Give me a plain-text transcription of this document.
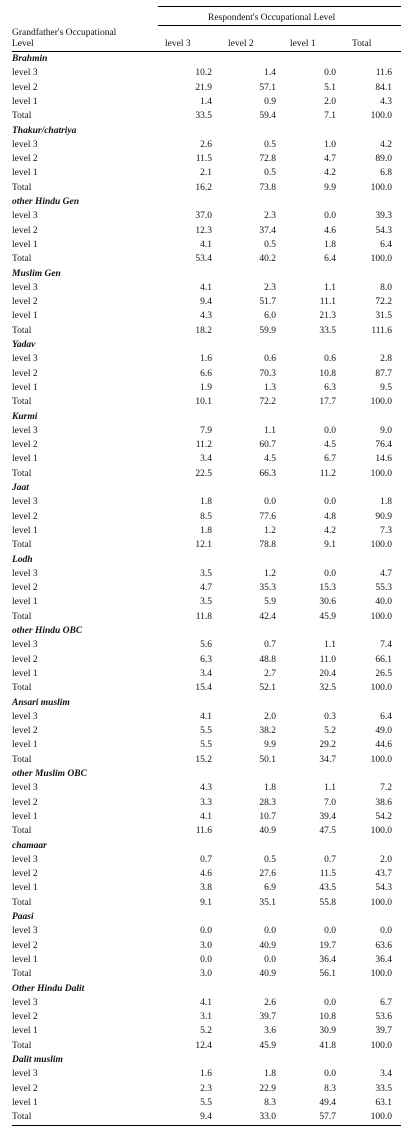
Respondent's Occupational Level
Grandfather's Occupational
Level	level 3	level 2	level 1	Total
Brahmin
level 3	10.2	1.4	0.0	11.6
level 2	21.9	57.1	5.1	84.1
level 1	1.4	0.9	2.0	4.3
Total	33.5	59.4	7.1	100.0
Thakur/chatriya
level 3	2.6	0.5	1.0	4.2
level 2	11.5	72.8	4.7	89.0
level 1	2.1	0.5	4.2	6.8
Total	16.2	73.8	9.9	100.0
other Hindu Gen
level 3	37.0	2.3	0.0	39.3
level 2	12.3	37.4	4.6	54.3
level 1	4.1	0.5	1.8	6.4
Total	53.4	40.2	6.4	100.0
Muslim Gen
level 3	4.1	2.3	1.1	8.0
level 2	9.4	51.7	11.1	72.2
level 1	4.3	6.0	21.3	31.5
Total	18.2	59.9	33.5	111.6
Yadav
level 3	1.6	0.6	0.6	2.8
level 2	6.6	70.3	10.8	87.7
level 1	1.9	1.3	6.3	9.5
Total	10.1	72.2	17.7	100.0
Kurmi
level 3	7.9	1.1	0.0	9.0
level 2	11.2	60.7	4.5	76.4
level 1	3.4	4.5	6.7	14.6
Total	22.5	66.3	11.2	100.0
Jaat
level 3	1.8	0.0	0.0	1.8
level 2	8.5	77.6	4.8	90.9
level 1	1.8	1.2	4.2	7.3
Total	12.1	78.8	9.1	100.0
Lodh
level 3	3.5	1.2	0.0	4.7
level 2	4.7	35.3	15.3	55.3
level 1	3.5	5.9	30.6	40.0
Total	11.8	42.4	45.9	100.0
other Hindu OBC
level 3	5.6	0.7	1.1	7.4
level 2	6.3	48.8	11.0	66.1
level 1	3.4	2.7	20.4	26.5
Total	15.4	52.1	32.5	100.0
Ansari muslim
level 3	4.1	2.0	0.3	6.4
level 2	5.5	38.2	5.2	49.0
level 1	5.5	9.9	29.2	44.6
Total	15.2	50.1	34.7	100.0
other Muslim OBC
level 3	4.3	1.8	1.1	7.2
level 2	3.3	28.3	7.0	38.6
level 1	4.1	10.7	39.4	54.2
Total	11.6	40.9	47.5	100.0
chamaar
level 3	0.7	0.5	0.7	2.0
level 2	4.6	27.6	11.5	43.7
level 1	3.8	6.9	43.5	54.3
Total	9.1	35.1	55.8	100.0
Paasi
level 3	0.0	0.0	0.0	0.0
level 2	3.0	40.9	19.7	63.6
level 1	0.0	0.0	36.4	36.4
Total	3.0	40.9	56.1	100.0
Other Hindu Dalit
level 3	4.1	2.6	0.0	6.7
level 2	3.1	39.7	10.8	53.6
level 1	5.2	3.6	30.9	39.7
Total	12.4	45.9	41.8	100.0
Dalit muslim
level 3	1.6	1.8	0.0	3.4
level 2	2.3	22.9	8.3	33.5
level 1	5.5	8.3	49.4	63.1
Total	9.4	33.0	57.7	100.0
